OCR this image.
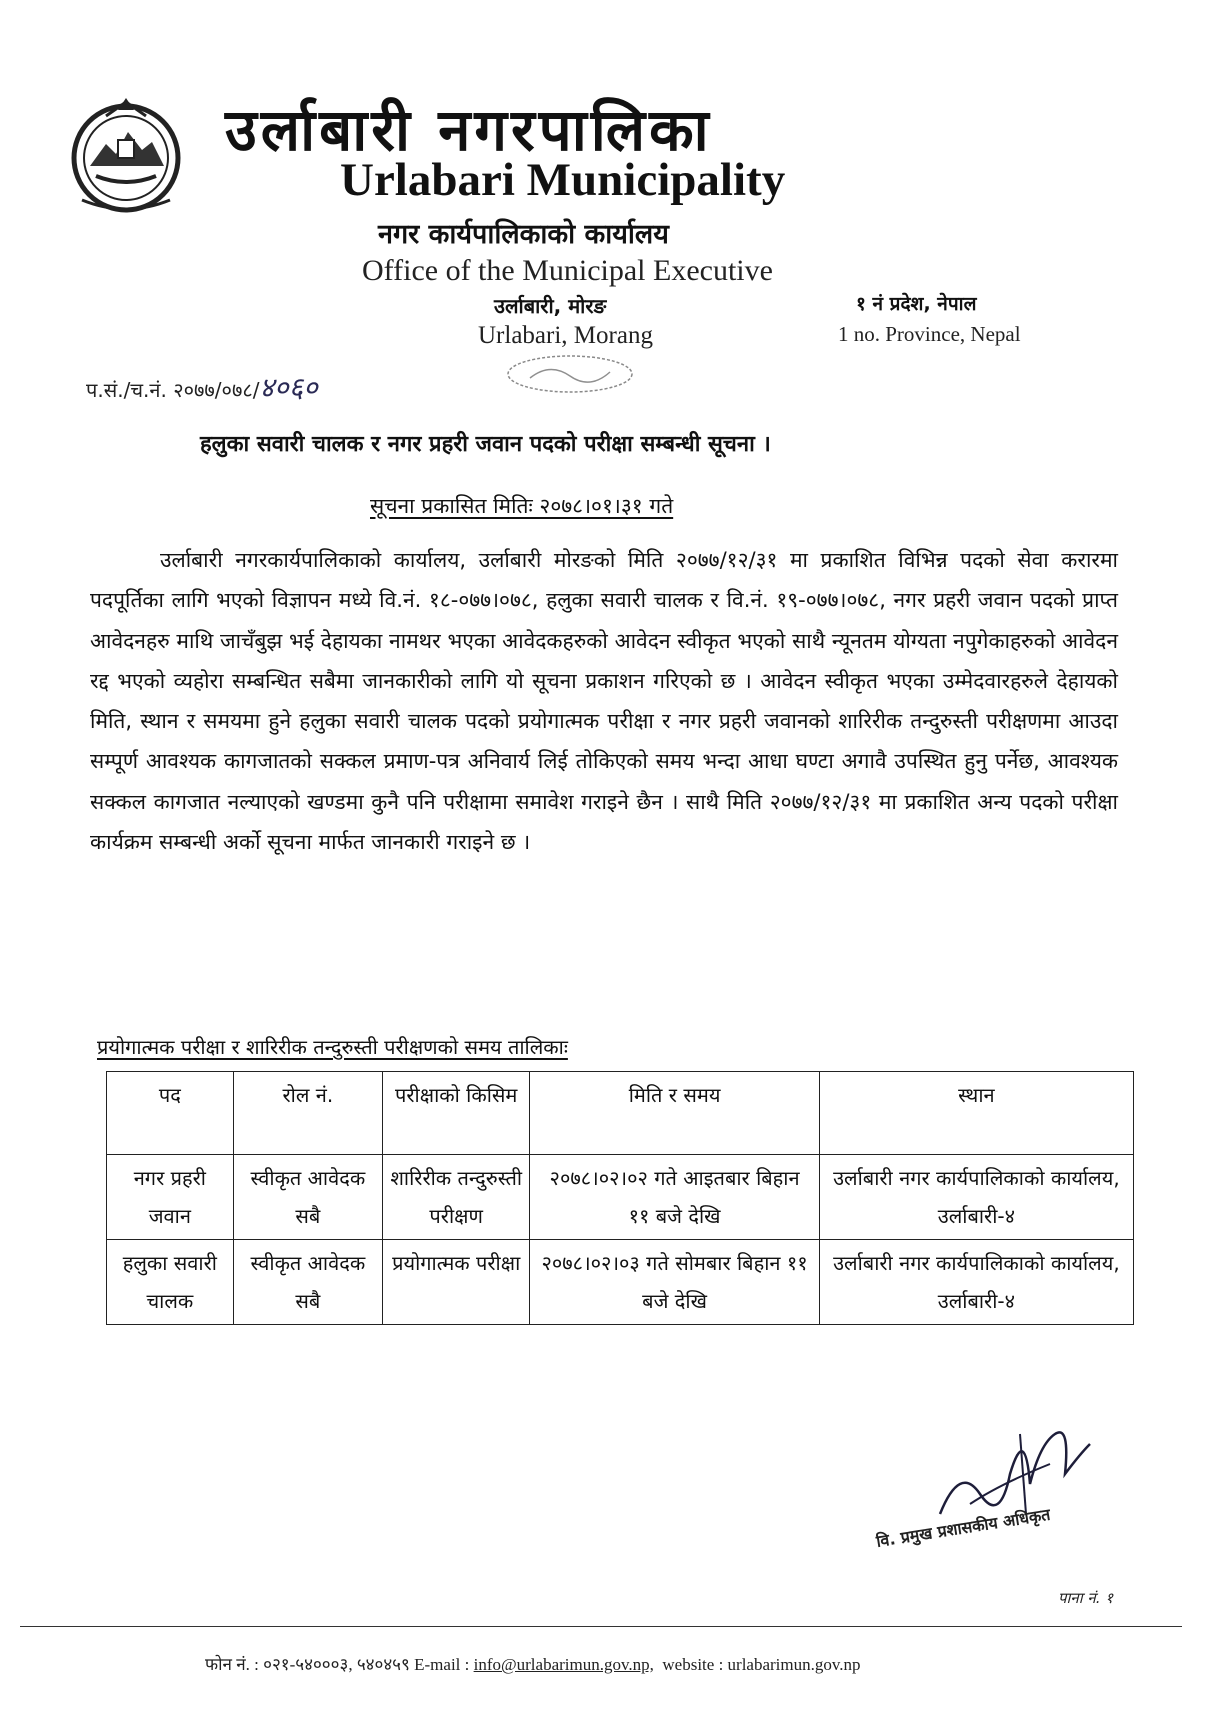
उर्लाबारी नगरपालिका
Urlabari Municipality
नगर कार्यपालिकाको कार्यालय
Office of the Municipal Executive
उर्लाबारी, मोरङ
Urlabari, Morang
१ नं प्रदेश, नेपाल
1 no. Province, Nepal
प.सं./च.नं. २०७७/०७८/४०६०
हलुका सवारी चालक र नगर प्रहरी जवान पदको परीक्षा सम्बन्धी सूचना ।
सूचना प्रकासित मितिः २०७८।०१।३१ गते

उर्लाबारी नगरकार्यपालिकाको कार्यालय, उर्लाबारी मोरङको मिति २०७७/१२/३१ मा प्रकाशित विभिन्न पदको सेवा करारमा पदपूर्तिका लागि भएको विज्ञापन मध्ये वि.नं. १८-०७७।०७८, हलुका सवारी चालक र वि.नं. १९-०७७।०७८, नगर प्रहरी जवान पदको प्राप्त आवेदनहरु माथि जाचँबुझ भई देहायका नामथर भएका आवेदकहरुको आवेदन स्वीकृत भएको साथै न्यूनतम योग्यता नपुगेकाहरुको आवेदन रद्द भएको व्यहोरा सम्बन्धित सबैमा जानकारीको लागि यो सूचना प्रकाशन गरिएको छ । आवेदन स्वीकृत भएका उम्मेदवारहरुले देहायको मिति, स्थान र समयमा हुने हलुका सवारी चालक पदको प्रयोगात्मक परीक्षा र नगर प्रहरी जवानको शारिरीक तन्दुरुस्ती परीक्षणमा आउदा सम्पूर्ण आवश्यक कागजातको सक्कल प्रमाण-पत्र अनिवार्य लिई तोकिएको समय भन्दा आधा घण्टा अगावै उपस्थित हुनु पर्नेछ, आवश्यक सक्कल कागजात नल्याएको खण्डमा कुनै पनि परीक्षामा समावेश गराइने छैन । साथै मिति २०७७/१२/३१ मा प्रकाशित अन्य पदको परीक्षा कार्यक्रम सम्बन्धी अर्को सूचना मार्फत जानकारी गराइने छ ।

प्रयोगात्मक परीक्षा र शारिरीक तन्दुरुस्ती परीक्षणको समय तालिकाः
पद	रोल नं.	परीक्षाको किसिम	मिति र समय	स्थान
नगर प्रहरी जवान	स्वीकृत आवेदक सबै	शारिरीक तन्दुरुस्ती परीक्षण	२०७८।०२।०२ गते आइतबार बिहान ११ बजे देखि	उर्लाबारी नगर कार्यपालिकाको कार्यालय, उर्लाबारी-४
हलुका सवारी चालक	स्वीकृत आवेदक सबै	प्रयोगात्मक परीक्षा	२०७८।०२।०३ गते सोमबार बिहान ११ बजे देखि	उर्लाबारी नगर कार्यपालिकाको कार्यालय, उर्लाबारी-४
वि. प्रमुख प्रशासकीय अधिकृत
पाना नं. १
फोन नं. : ०२१-५४०००३, ५४०४५९ E-mail : info@urlabarimun.gov.np, website : urlabarimun.gov.np
